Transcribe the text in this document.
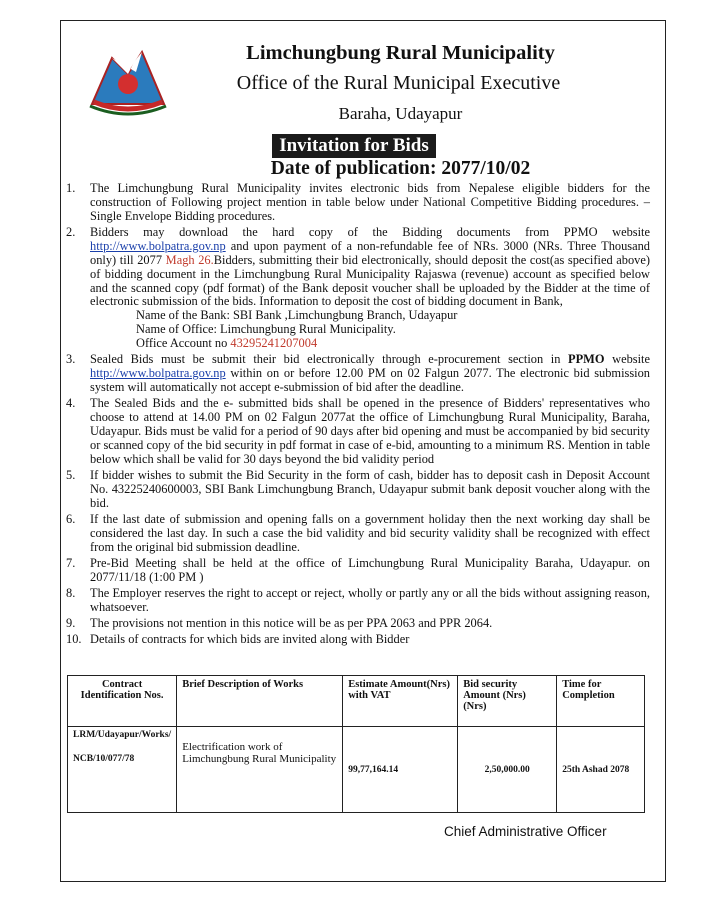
Limchungbung Rural Municipality
Office of the Rural Municipal Executive
Baraha, Udayapur
Invitation for Bids
Date of publication: 2077/10/02
1.	The Limchungbung Rural Municipality invites electronic bids from Nepalese eligible bidders for the construction of Following project mention in table below under National Competitive Bidding procedures. – Single Envelope Bidding procedures.
2.	Bidders may download the hard copy of the Bidding documents from PPMO website http://www.bolpatra.gov.np and upon payment of a non-refundable fee of NRs. 3000 (NRs. Three Thousand only) till 2077 Magh 26.Bidders, submitting their bid electronically, should deposit the cost(as specified above) of bidding document in the Limchungbung Rural Municipality Rajaswa (revenue) account as specified below and the scanned copy (pdf format) of the Bank deposit voucher shall be uploaded by the Bidder at the time of electronic submission of the bids. Information to deposit the cost of bidding document in Bank,
Name of the Bank: SBI Bank ,Limchungbung Branch, Udayapur
Name of Office: Limchungbung Rural Municipality.
Office Account no 43295241207004
3.	Sealed Bids must be submit their bid electronically through e-procurement section in PPMO website http://www.bolpatra.gov.np within on or before 12.00 PM on 02 Falgun 2077. The electronic bid submission system will automatically not accept e-submission of bid after the deadline.
4.	The Sealed Bids and the e- submitted bids shall be opened in the presence of Bidders' representatives who choose to attend at 14.00 PM on 02 Falgun 2077at the office of Limchungbung Rural Municipality, Baraha, Udayapur. Bids must be valid for a period of 90 days after bid opening and must be accompanied by bid security or scanned copy of the bid security in pdf format in case of e-bid, amounting to a minimum RS. Mention in table below which shall be valid for 30 days beyond the bid validity period
5.	If bidder wishes to submit the Bid Security in the form of cash, bidder has to deposit cash in Deposit Account No. 43225240600003, SBI Bank Limchungbung Branch, Udayapur submit bank deposit voucher along with the bid.
6.	If the last date of submission and opening falls on a government holiday then the next working day shall be considered the last day. In such a case the bid validity and bid security validity shall be recognized with effect from the original bid submission deadline.
7.	Pre-Bid Meeting shall be held at the office of Limchungbung Rural Municipality Baraha, Udayapur. on 2077/11/18 (1:00 PM )
8.	The Employer reserves the right to accept or reject, wholly or partly any or all the bids without assigning reason, whatsoever.
9.	The provisions not mention in this notice will be as per PPA 2063 and PPR 2064.
10. Details of contracts for which bids are invited along with Bidder
Contract Identification Nos.	Brief Description of Works	Estimate Amount(Nrs) with VAT	Bid security Amount (Nrs) (Nrs)	Time for Completion

LRM/Udayapur/Works/
NCB/10/077/78	Electrification work of Limchungbung Rural Municipality	99,77,164.14	2,50,000.00	25th Ashad 2078
Chief Administrative Officer
